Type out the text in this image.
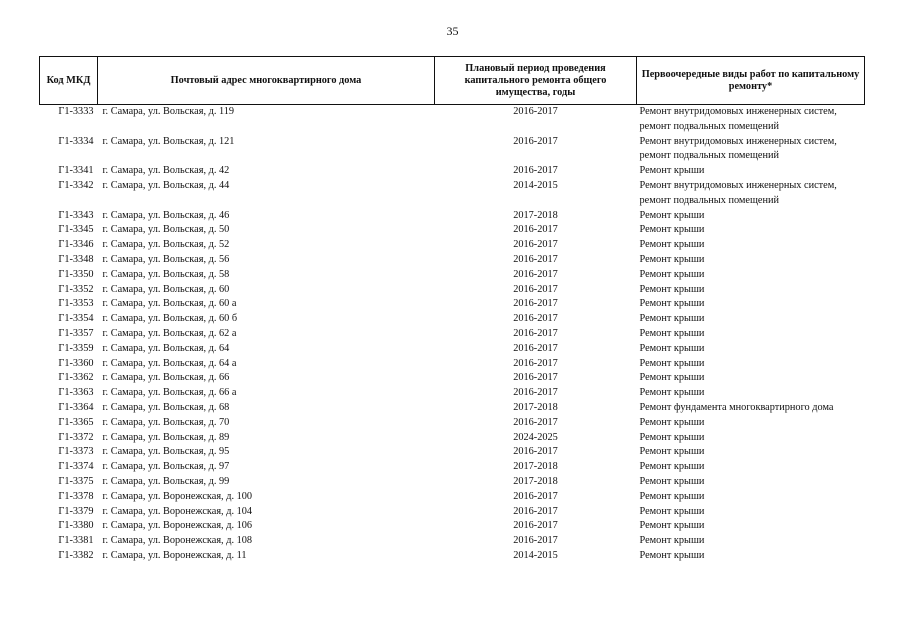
35
Код МКД	Почтовый адрес многоквартирного дома	Плановый период проведения капитального ремонта общего имущества, годы	Первоочередные виды работ по капитальному ремонту*
Г1-3333	г. Самара, ул. Вольская, д. 119	2016-2017	Ремонт внутридомовых инженерных систем, ремонт подвальных помещений
Г1-3334	г. Самара, ул. Вольская, д. 121	2016-2017	Ремонт внутридомовых инженерных систем, ремонт подвальных помещений
Г1-3341	г. Самара, ул. Вольская, д. 42	2016-2017	Ремонт крыши
Г1-3342	г. Самара, ул. Вольская, д. 44	2014-2015	Ремонт внутридомовых инженерных систем, ремонт подвальных помещений
Г1-3343	г. Самара, ул. Вольская, д. 46	2017-2018	Ремонт крыши
Г1-3345	г. Самара, ул. Вольская, д. 50	2016-2017	Ремонт крыши
Г1-3346	г. Самара, ул. Вольская, д. 52	2016-2017	Ремонт крыши
Г1-3348	г. Самара, ул. Вольская, д. 56	2016-2017	Ремонт крыши
Г1-3350	г. Самара, ул. Вольская, д. 58	2016-2017	Ремонт крыши
Г1-3352	г. Самара, ул. Вольская, д. 60	2016-2017	Ремонт крыши
Г1-3353	г. Самара, ул. Вольская, д. 60 а	2016-2017	Ремонт крыши
Г1-3354	г. Самара, ул. Вольская, д. 60 б	2016-2017	Ремонт крыши
Г1-3357	г. Самара, ул. Вольская, д. 62 а	2016-2017	Ремонт крыши
Г1-3359	г. Самара, ул. Вольская, д. 64	2016-2017	Ремонт крыши
Г1-3360	г. Самара, ул. Вольская, д. 64 а	2016-2017	Ремонт крыши
Г1-3362	г. Самара, ул. Вольская, д. 66	2016-2017	Ремонт крыши
Г1-3363	г. Самара, ул. Вольская, д. 66 а	2016-2017	Ремонт крыши
Г1-3364	г. Самара, ул. Вольская, д. 68	2017-2018	Ремонт фундамента многоквартирного дома
Г1-3365	г. Самара, ул. Вольская, д. 70	2016-2017	Ремонт крыши
Г1-3372	г. Самара, ул. Вольская, д. 89	2024-2025	Ремонт крыши
Г1-3373	г. Самара, ул. Вольская, д. 95	2016-2017	Ремонт крыши
Г1-3374	г. Самара, ул. Вольская, д. 97	2017-2018	Ремонт крыши
Г1-3375	г. Самара, ул. Вольская, д. 99	2017-2018	Ремонт крыши
Г1-3378	г. Самара, ул. Воронежская, д. 100	2016-2017	Ремонт крыши
Г1-3379	г. Самара, ул. Воронежская, д. 104	2016-2017	Ремонт крыши
Г1-3380	г. Самара, ул. Воронежская, д. 106	2016-2017	Ремонт крыши
Г1-3381	г. Самара, ул. Воронежская, д. 108	2016-2017	Ремонт крыши
Г1-3382	г. Самара, ул. Воронежская, д. 11	2014-2015	Ремонт крыши
